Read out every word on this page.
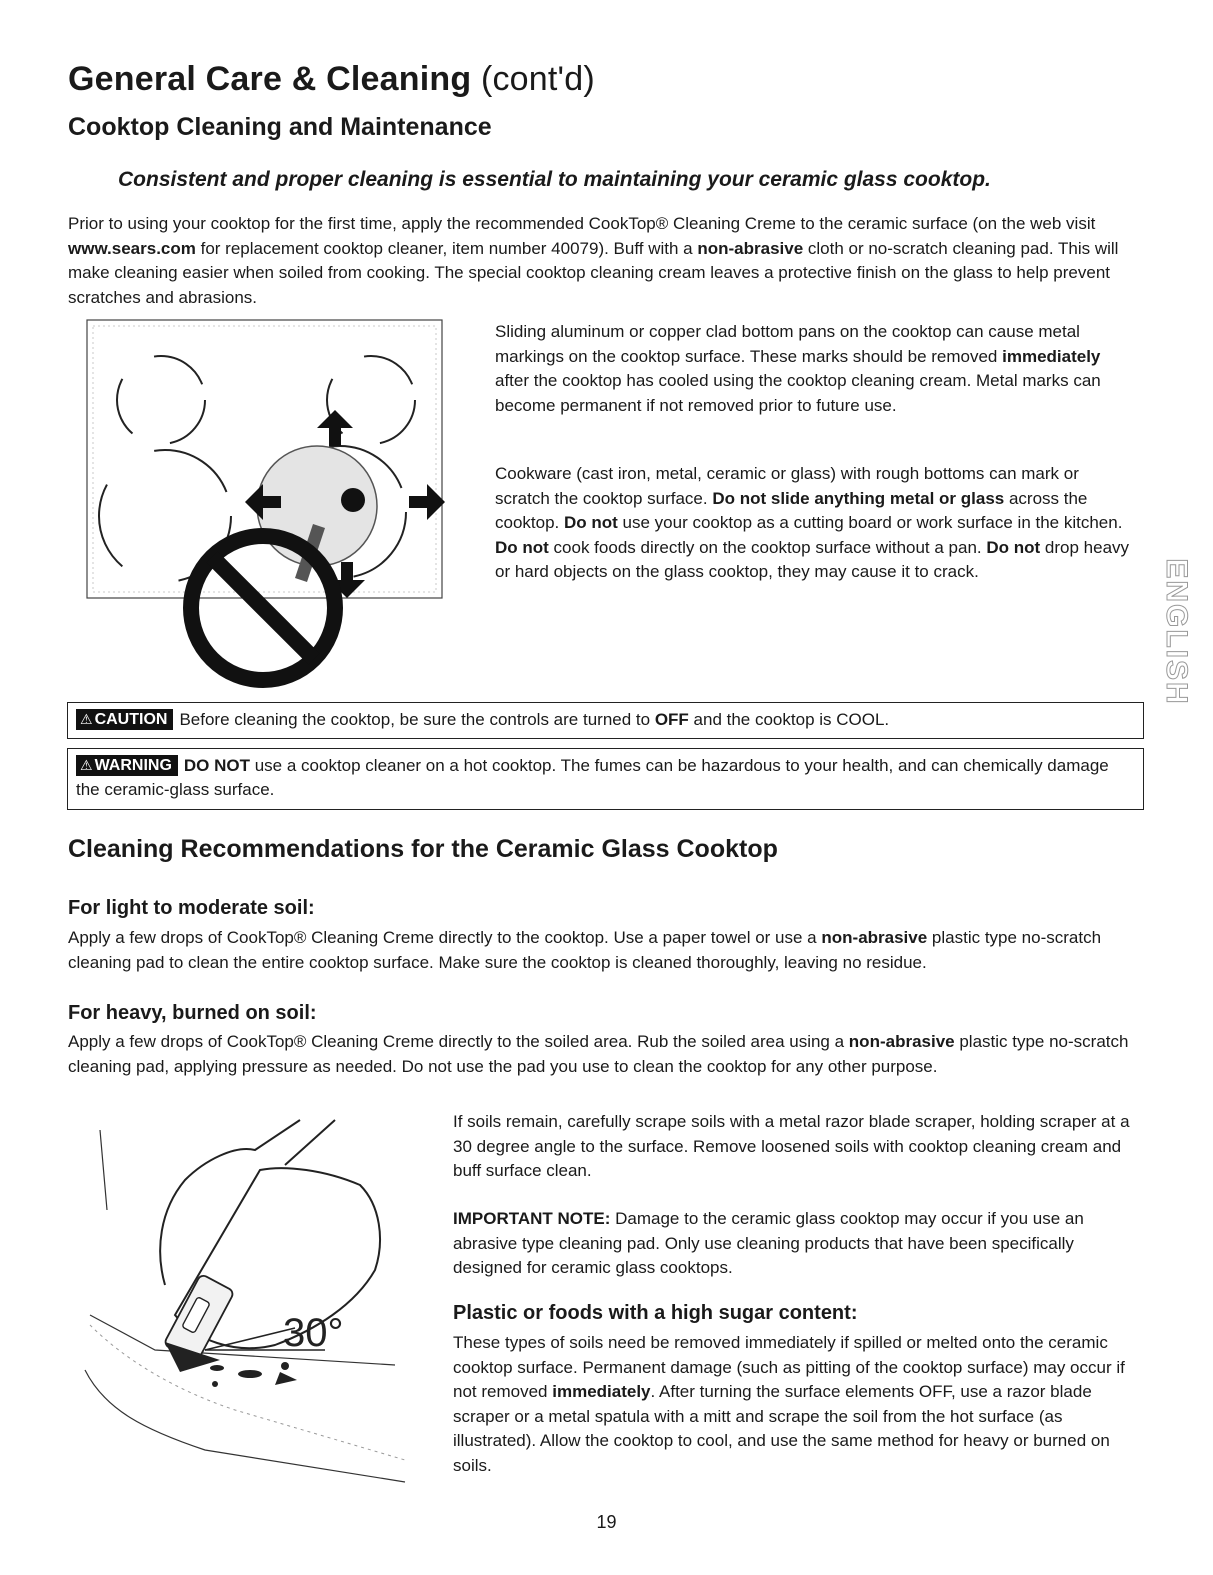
General Care & Cleaning (cont'd)
Cooktop Cleaning and Maintenance
Consistent and proper cleaning is essential to maintaining your ceramic glass cooktop.

Prior to using your cooktop for the first time, apply the recommended CookTop® Cleaning Creme to the ceramic surface (on the web visit www.sears.com for replacement cooktop cleaner, item number 40079). Buff with a non-abrasive cloth or no-scratch cleaning pad. This will make cleaning easier when soiled from cooking. The special cooktop cleaning cream leaves a protective finish on the glass to help prevent scratches and abrasions.

Sliding aluminum or copper clad bottom pans on the cooktop can cause metal markings on the cooktop surface. These marks should be removed immediately after the cooktop has cooled using the cooktop cleaning cream. Metal marks can become permanent if not removed prior to future use.

Cookware (cast iron, metal, ceramic or glass) with rough bottoms can mark or scratch the cooktop surface. Do not slide anything metal or glass across the cooktop. Do not use your cooktop as a cutting board or work surface in the kitchen. Do not cook foods directly on the cooktop surface without a pan. Do not drop heavy or hard objects on the glass cooktop, they may cause it to crack.	ENGLISH
⚠ CAUTION Before cleaning the cooktop, be sure the controls are turned to OFF and the cooktop is COOL.
⚠ WARNING DO NOT use a cooktop cleaner on a hot cooktop. The fumes can be hazardous to your health, and can chemically damage the ceramic-glass surface.
Cleaning Recommendations for the Ceramic Glass Cooktop
For light to moderate soil:

Apply a few drops of CookTop® Cleaning Creme directly to the cooktop. Use a paper towel or use a non-abrasive plastic type no-scratch cleaning pad to clean the entire cooktop surface. Make sure the cooktop is cleaned thoroughly, leaving no residue.

For heavy, burned on soil:

Apply a few drops of CookTop® Cleaning Creme directly to the soiled area. Rub the soiled area using a non-abrasive plastic type no-scratch cleaning pad, applying pressure as needed. Do not use the pad you use to clean the cooktop for any other purpose.

30°

If soils remain, carefully scrape soils with a metal razor blade scraper, holding scraper at a 30 degree angle to the surface. Remove loosened soils with cooktop cleaning cream and buff surface clean.

IMPORTANT NOTE: Damage to the ceramic glass cooktop may occur if you use an abrasive type cleaning pad. Only use cleaning products that have been specifically designed for ceramic glass cooktops.

Plastic or foods with a high sugar content:

These types of soils need be removed immediately if spilled or melted onto the ceramic cooktop surface. Permanent damage (such as pitting of the cooktop surface) may occur if not removed immediately. After turning the surface elements OFF, use a razor blade scraper or a metal spatula with a mitt and scrape the soil from the hot surface (as illustrated). Allow the cooktop to cool, and use the same method for heavy or burned on soils.

19
